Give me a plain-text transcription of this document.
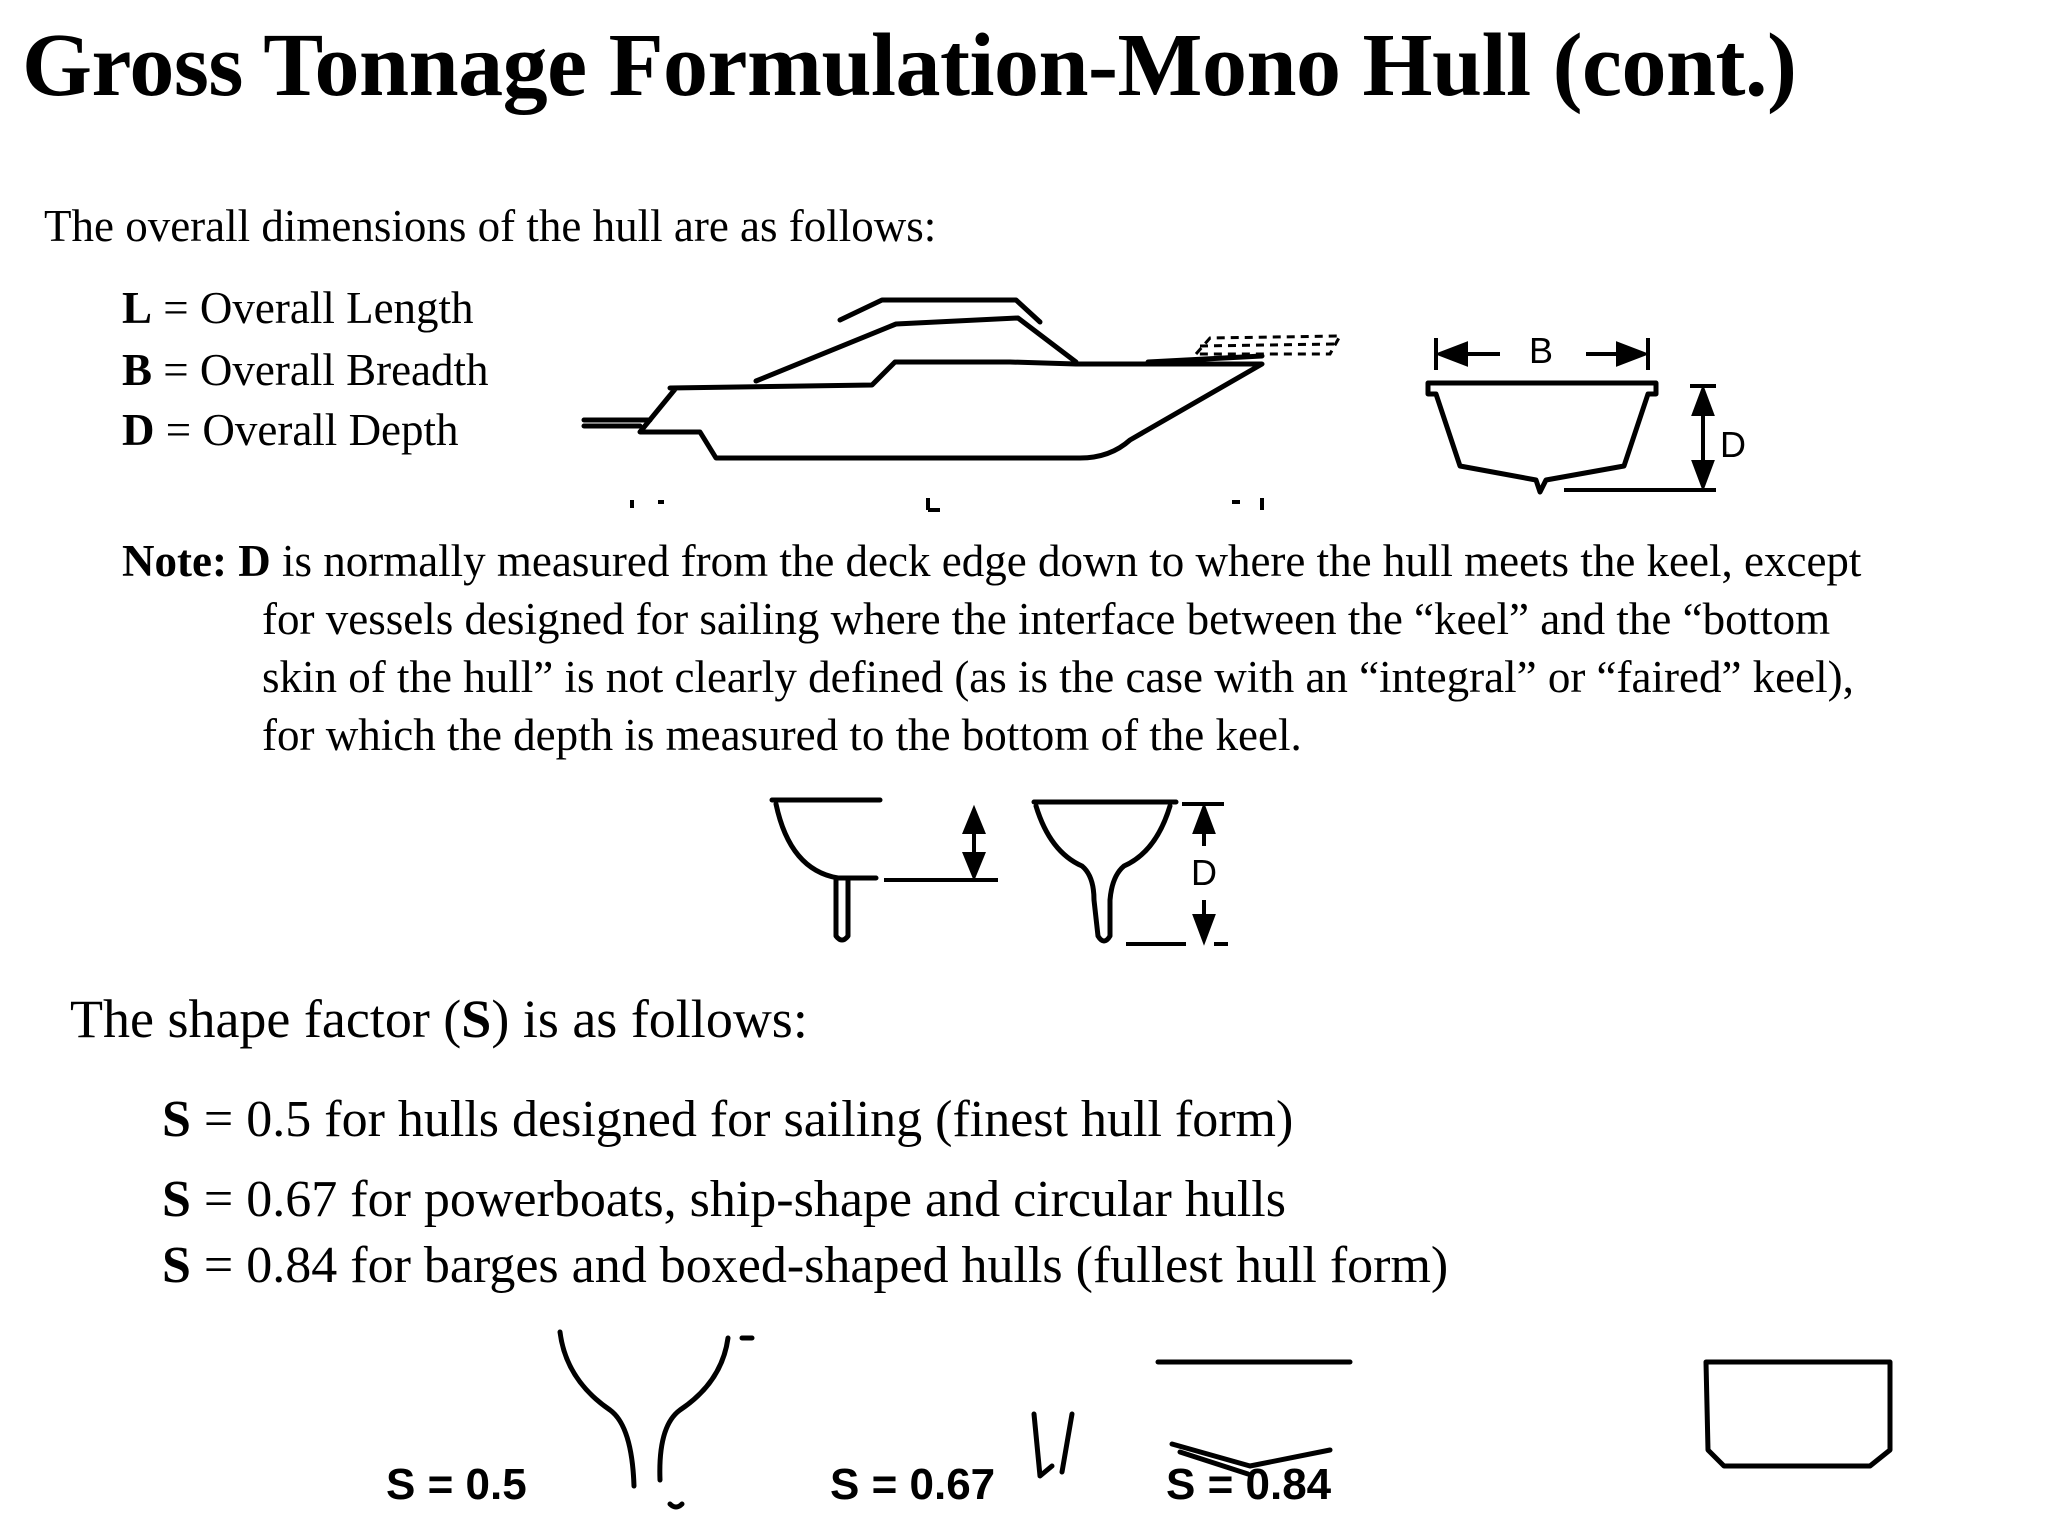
Gross Tonnage Formulation-Mono Hull (cont.)
The overall dimensions of the hull are as follows:
L = Overall Length
B = Overall Breadth
D = Overall Depth
B
D
Note: D is normally measured from the deck edge down to where the hull meets the keel, except
for vessels designed for sailing where the interface between the “keel” and the “bottom
skin of the hull” is not clearly defined (as is the case with an “integral” or “faired” keel),
for which the depth is measured to the bottom of the keel.
D
The shape factor (S) is as follows:
S = 0.5 for hulls designed for sailing (finest hull form)
S = 0.67 for powerboats, ship-shape and circular hulls
S = 0.84 for barges and boxed-shaped hulls (fullest hull form)
S = 0.5	S = 0.67	S = 0.84
